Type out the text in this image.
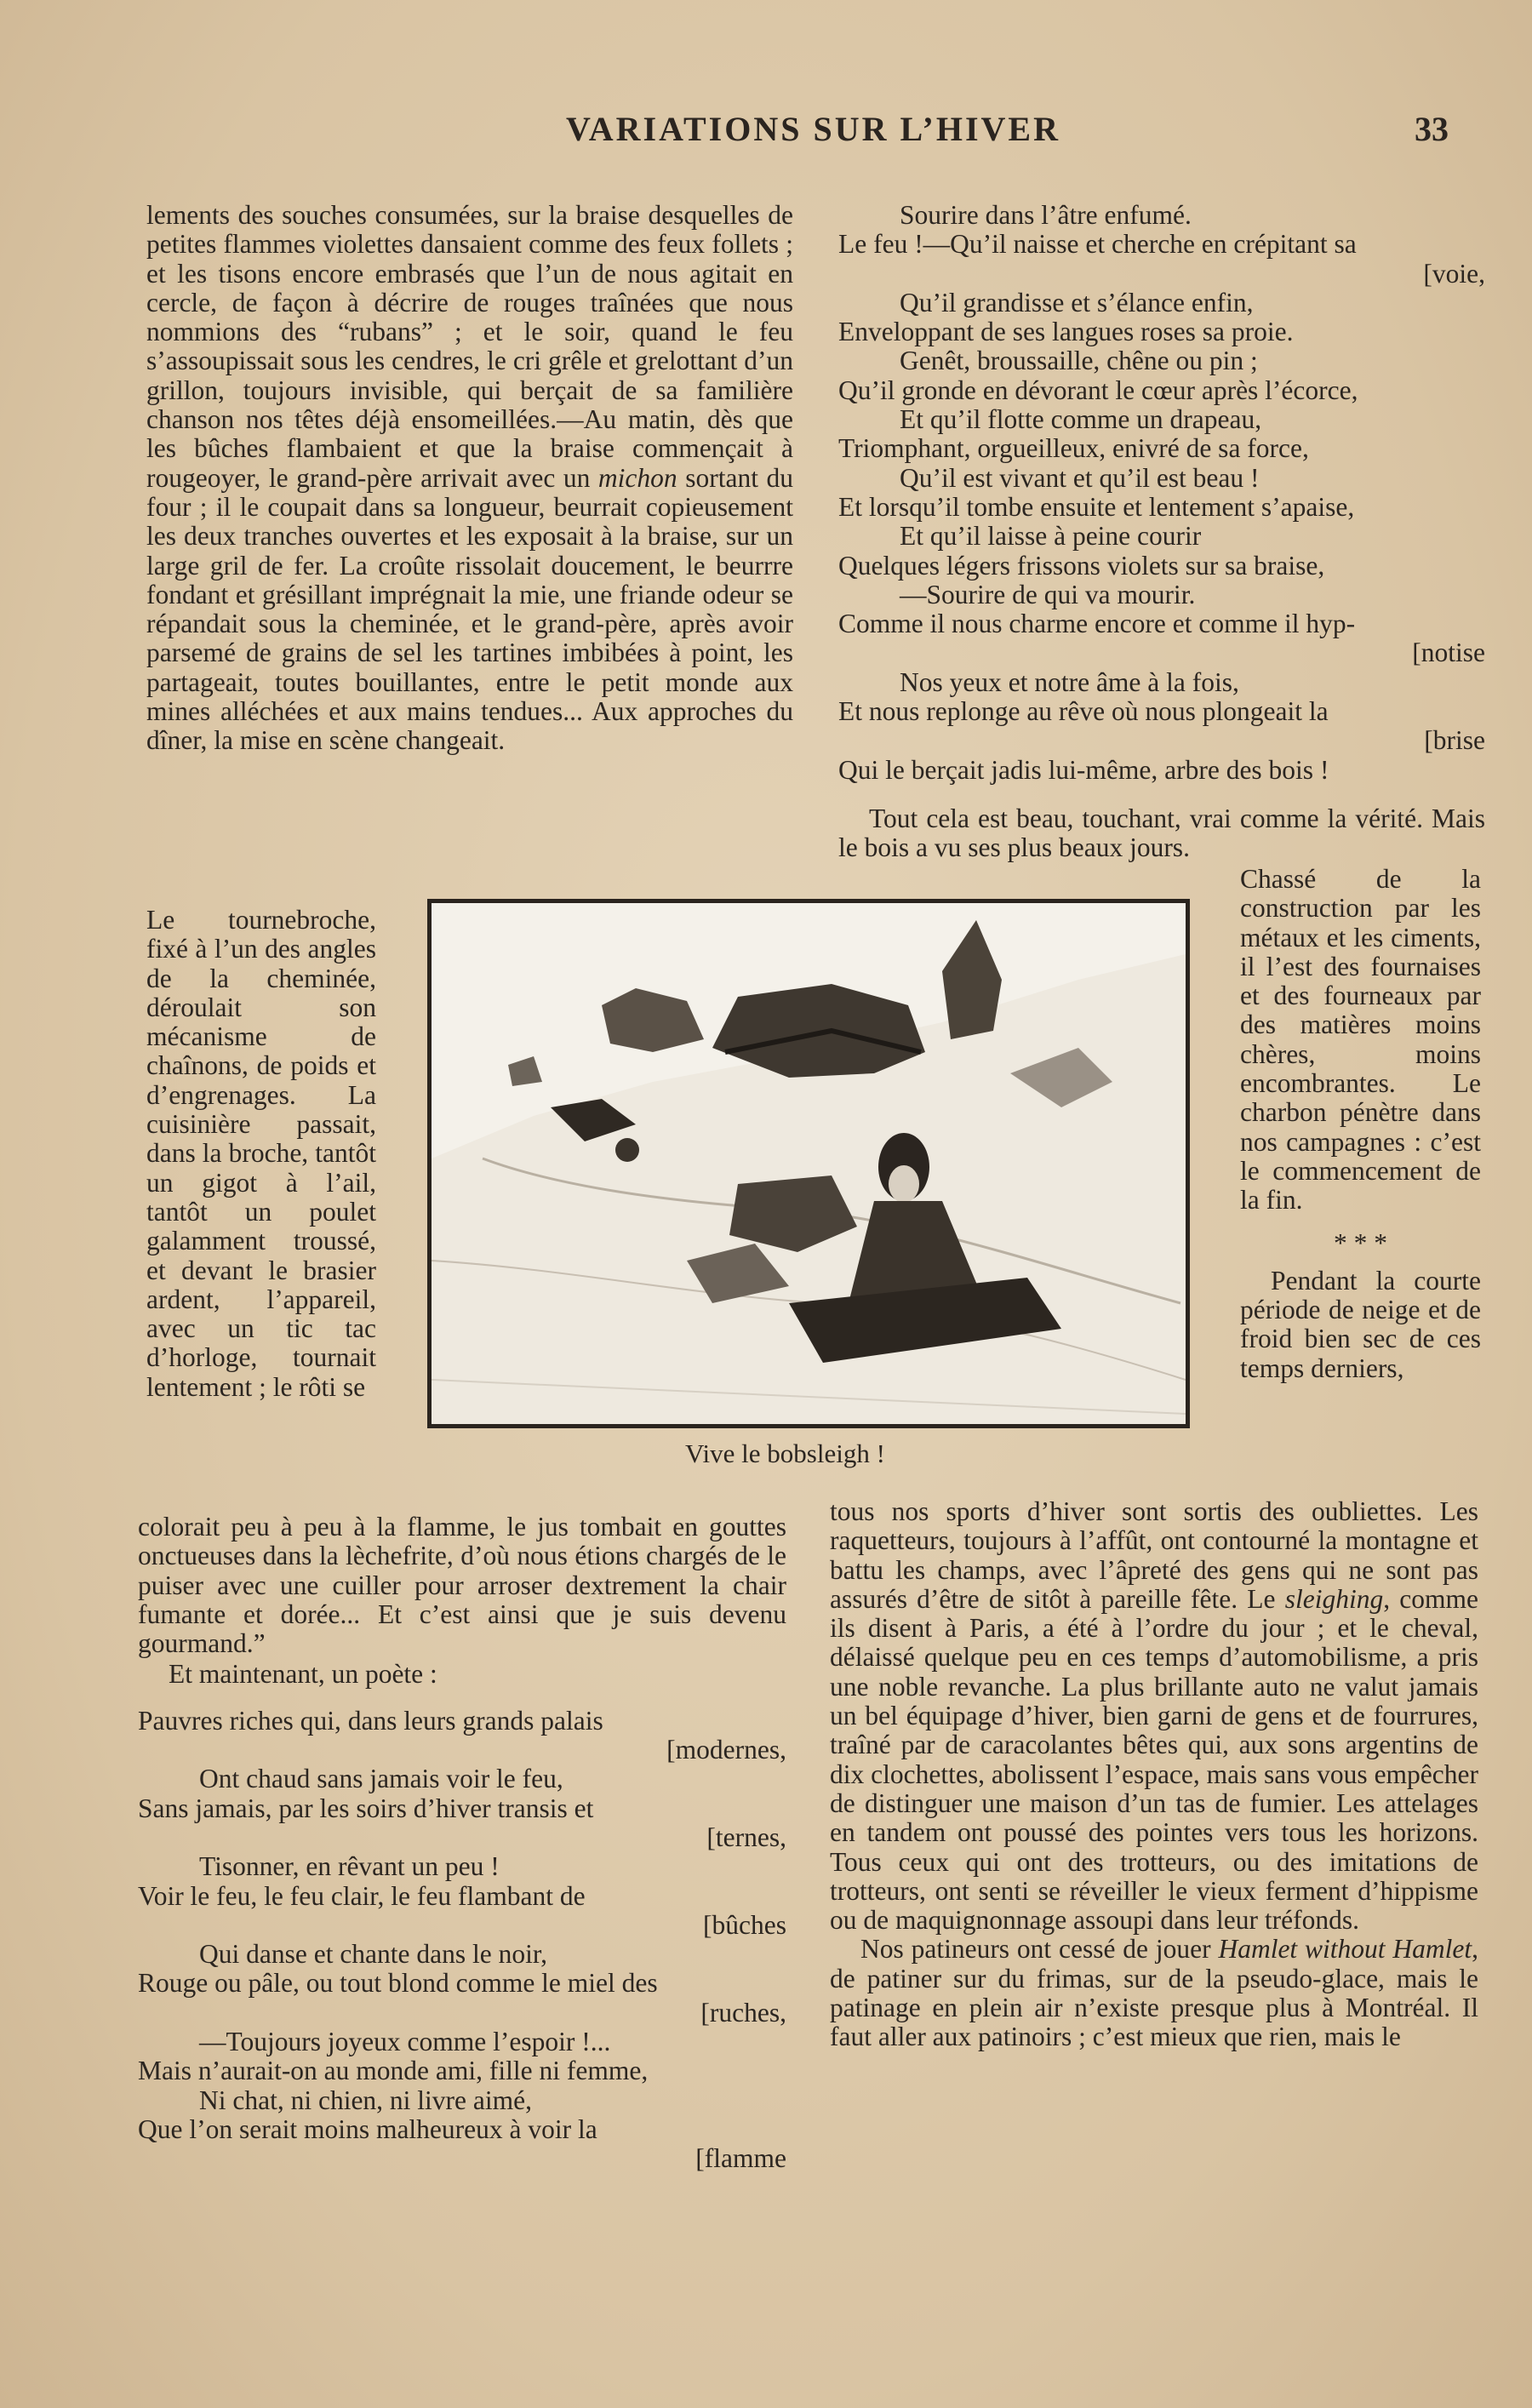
VARIATIONS SUR L’HIVER	33

lements des souches consumées, sur la braise desquelles de petites flammes violettes dansaient comme des feux follets ; et les tisons encore embrasés que l’un de nous agitait en cercle, de façon à décrire de rouges traînées que nous nommions des “rubans” ; et le soir, quand le feu s’assoupissait sous les cendres, le cri grêle et grelottant d’un grillon, toujours invisible, qui berçait de sa familière chanson nos têtes déjà ensomeillées.—Au matin, dès que les bûches flambaient et que la braise commençait à rougeoyer, le grand-père arrivait avec un michon sortant du four ; il le coupait dans sa longueur, beurrait copieusement les deux tranches ouvertes et les exposait à la braise, sur un large gril de fer. La croûte rissolait doucement, le beurrre fondant et grésillant imprégnait la mie, une friande odeur se répandait sous la cheminée, et le grand-père, après avoir parsemé de grains de sel les tartines imbibées à point, les partageait, toutes bouillantes, entre le petit monde aux mines alléchées et aux mains tendues... Aux approches du dîner, la mise en scène changeait.

Sourire dans l’âtre enfumé.
Le feu !—Qu’il naisse et cherche en crépitant sa
[voie,
Qu’il grandisse et s’élance enfin,
Enveloppant de ses langues roses sa proie.
Genêt, broussaille, chêne ou pin ;
Qu’il gronde en dévorant le cœur après l’écorce,
Et qu’il flotte comme un drapeau,
Triomphant, orgueilleux, enivré de sa force,
Qu’il est vivant et qu’il est beau !
Et lorsqu’il tombe ensuite et lentement s’apaise,
Et qu’il laisse à peine courir
Quelques légers frissons violets sur sa braise,
—Sourire de qui va mourir.
Comme il nous charme encore et comme il hyp-
[notise
Nos yeux et notre âme à la fois,
Et nous replonge au rêve où nous plongeait la
[brise
Qui le berçait jadis lui-même, arbre des bois !

Tout cela est beau, touchant, vrai comme la vérité. Mais le bois a vu ses plus beaux jours.

Le tournebroche, fixé à l’un des angles de la cheminée, déroulait son mécanisme de chaînons, de poids et d’engrenages. La cuisinière passait, dans la broche, tantôt un gigot à l’ail, tantôt un poulet galamment troussé, et devant le brasier ardent, l’appareil, avec un tic tac d’horloge, tournait lentement ; le rôti se

Vive le bobsleigh !

Chassé de la construction par les métaux et les ciments, il l’est des fournaises et des fourneaux par des matières moins chères, moins encombrantes. Le charbon pénètre dans nos campagnes : c’est le commencement de la fin.

* * *

Pendant la courte période de neige et de froid bien sec de ces temps derniers,

colorait peu à peu à la flamme, le jus tombait en gouttes onctueuses dans la lèchefrite, d’où nous étions chargés de le puiser avec une cuiller pour arroser dextrement la chair fumante et dorée... Et c’est ainsi que je suis devenu gourmand.”

Et maintenant, un poète :

Pauvres riches qui, dans leurs grands palais
[modernes,
Ont chaud sans jamais voir le feu,
Sans jamais, par les soirs d’hiver transis et
[ternes,
Tisonner, en rêvant un peu !
Voir le feu, le feu clair, le feu flambant de
[bûches
Qui danse et chante dans le noir,
Rouge ou pâle, ou tout blond comme le miel des
[ruches,
—Toujours joyeux comme l’espoir !...
Mais n’aurait-on au monde ami, fille ni femme,
Ni chat, ni chien, ni livre aimé,
Que l’on serait moins malheureux à voir la
[flamme

tous nos sports d’hiver sont sortis des oubliettes. Les raquetteurs, toujours à l’affût, ont contourné la montagne et battu les champs, avec l’âpreté des gens qui ne sont pas assurés d’être de sitôt à pareille fête. Le sleighing, comme ils disent à Paris, a été à l’ordre du jour ; et le cheval, délaissé quelque peu en ces temps d’automobilisme, a pris une noble revanche. La plus brillante auto ne valut jamais un bel équipage d’hiver, bien garni de gens et de fourrures, traîné par de caracolantes bêtes qui, aux sons argentins de dix clochettes, abolissent l’espace, mais sans vous empêcher de distinguer une maison d’un tas de fumier. Les attelages en tandem ont poussé des pointes vers tous les horizons. Tous ceux qui ont des trotteurs, ou des imitations de trotteurs, ont senti se réveiller le vieux ferment d’hippisme ou de maquignonnage assoupi dans leur tréfonds.

Nos patineurs ont cessé de jouer Hamlet without Hamlet, de patiner sur du frimas, sur de la pseudo-glace, mais le patinage en plein air n’existe presque plus à Montréal. Il faut aller aux patinoirs ; c’est mieux que rien, mais le
